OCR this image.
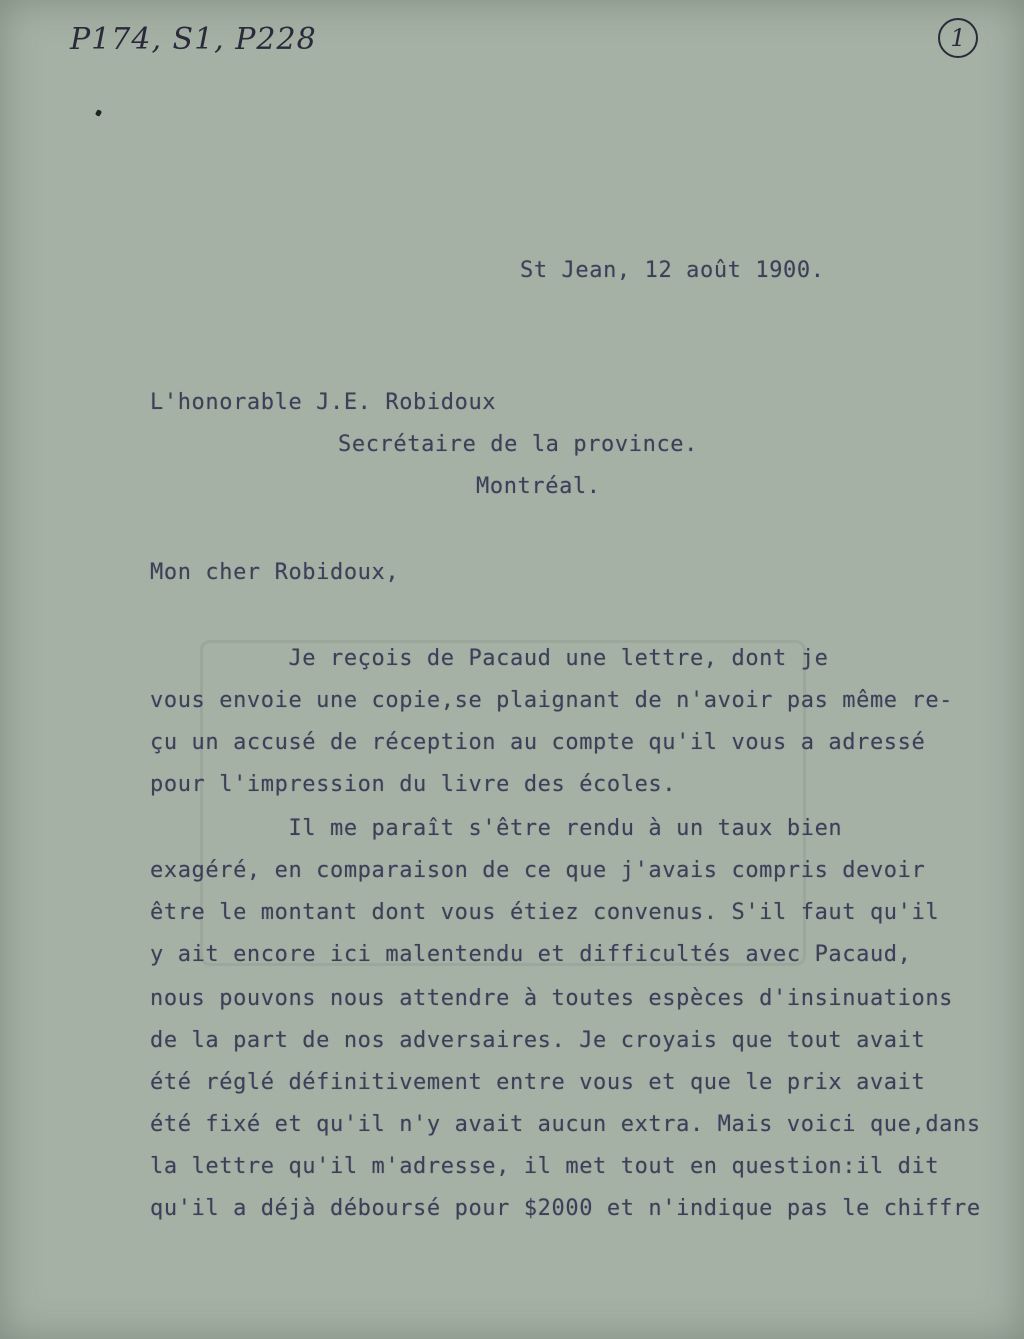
P174, S1, P228	1
St Jean, 12 août 1900.
L'honorable J.E. Robidoux
Secrétaire de la province.
Montréal.
Mon cher Robidoux,
Je reçois de Pacaud une lettre, dont je
vous envoie une copie,se plaignant de n'avoir pas même re-
çu un accusé de réception au compte qu'il vous a adressé
pour l'impression du livre des écoles.
Il me paraît s'être rendu à un taux bien
exagéré, en comparaison de ce que j'avais compris devoir
être le montant dont vous étiez convenus. S'il faut qu'il
y ait encore ici malentendu et difficultés avec Pacaud,
nous pouvons nous attendre à toutes espèces d'insinuations
de la part de nos adversaires. Je croyais que tout avait
été réglé définitivement entre vous et que le prix avait
été fixé et qu'il n'y avait aucun extra. Mais voici que,dans
la lettre qu'il m'adresse, il met tout en question:il dit
qu'il a déjà déboursé pour $2000 et n'indique pas le chiffre
